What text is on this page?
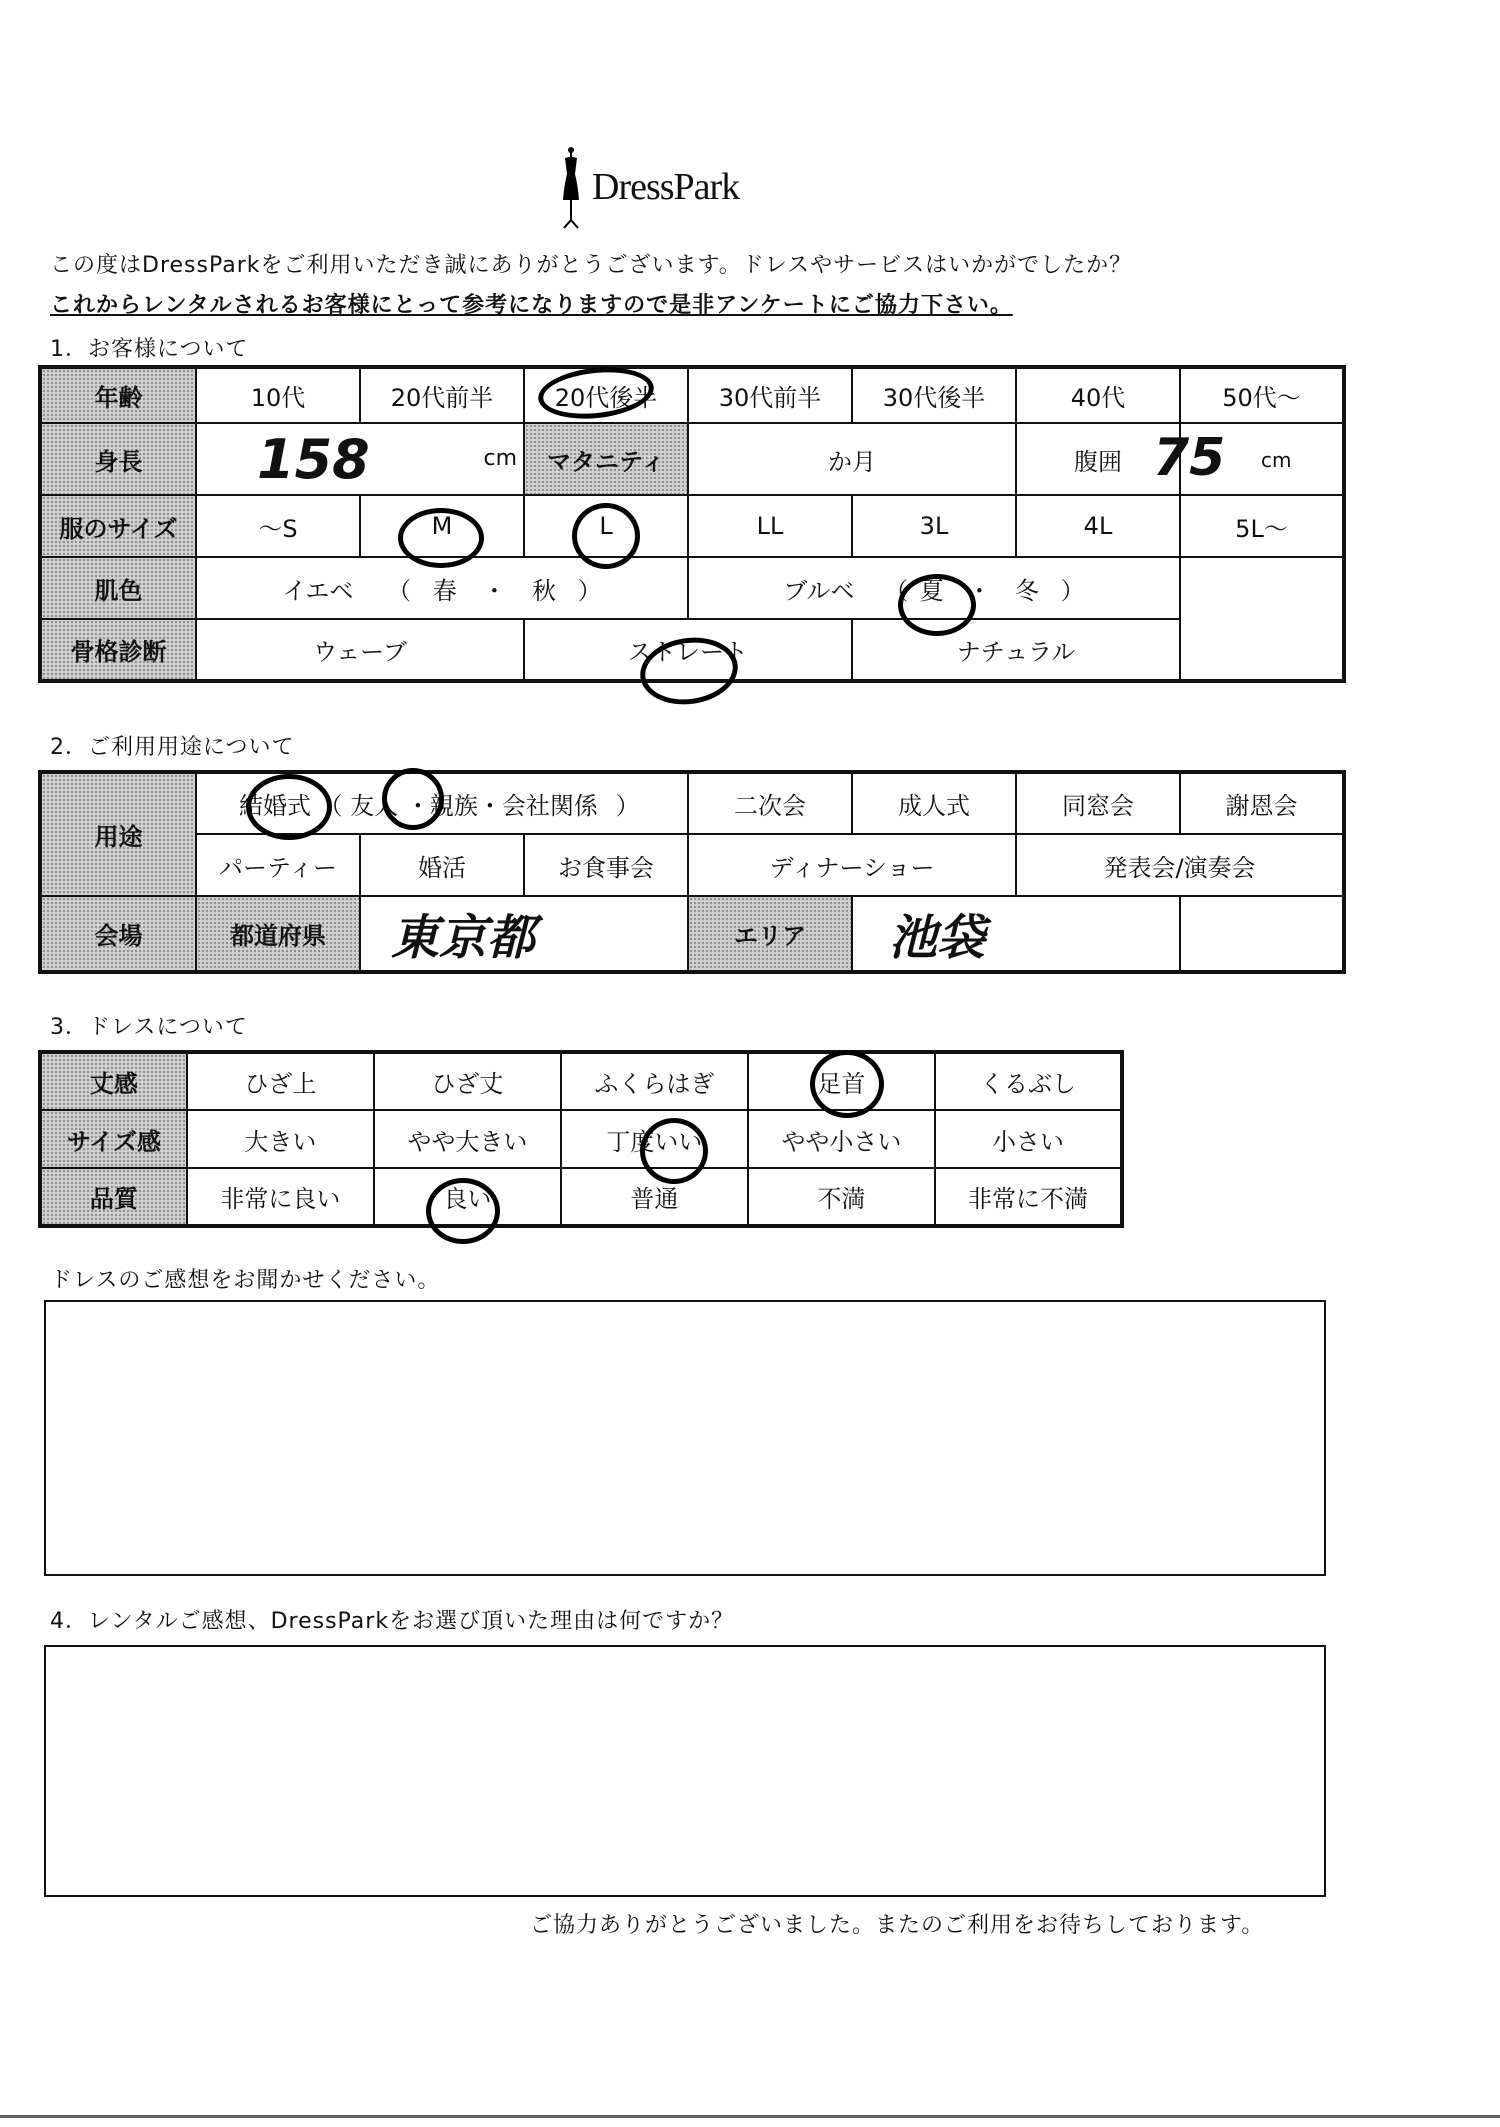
DressPark
この度はDressParkをご利用いただき誠にありがとうございます。ドレスやサービスはいかがでしたか？
これからレンタルされるお客様にとって参考になりますので是非アンケートにご協力下さい。
1．お客様について
年齢	10代	20代前半	20代後半	30代前半	30代後半	40代	50代～
身長	158 cm		マタニティ	か月		腹囲	75 cm

服のサイズ	～S	M	L	LL	3L	4L	5L～
肌色	イエベ （ 春 ・ 秋 ）			ブルベ （ 夏 ・ 冬 ）			
骨格診断	ウェーブ		ストレート		ナチュラル		
2．ご利用用途について
用途	結婚式 （ 友人 ・親族・会社関係 ）			二次会	成人式	同窓会	謝恩会
	パーティー	婚活	お食事会	ディナーショー		発表会/演奏会	
会場	都道府県	東京都		エリア	池袋		
3．ドレスについて
丈感	ひざ上	ひざ丈	ふくらはぎ	足首	くるぶし
サイズ感	大きい	やや大きい	丁度いい	やや小さい	小さい
品質	非常に良い	良い	普通	不満	非常に不満
ドレスのご感想をお聞かせください。
4．レンタルご感想、DressParkをお選び頂いた理由は何ですか？
ご協力ありがとうございました。またのご利用をお待ちしております。
